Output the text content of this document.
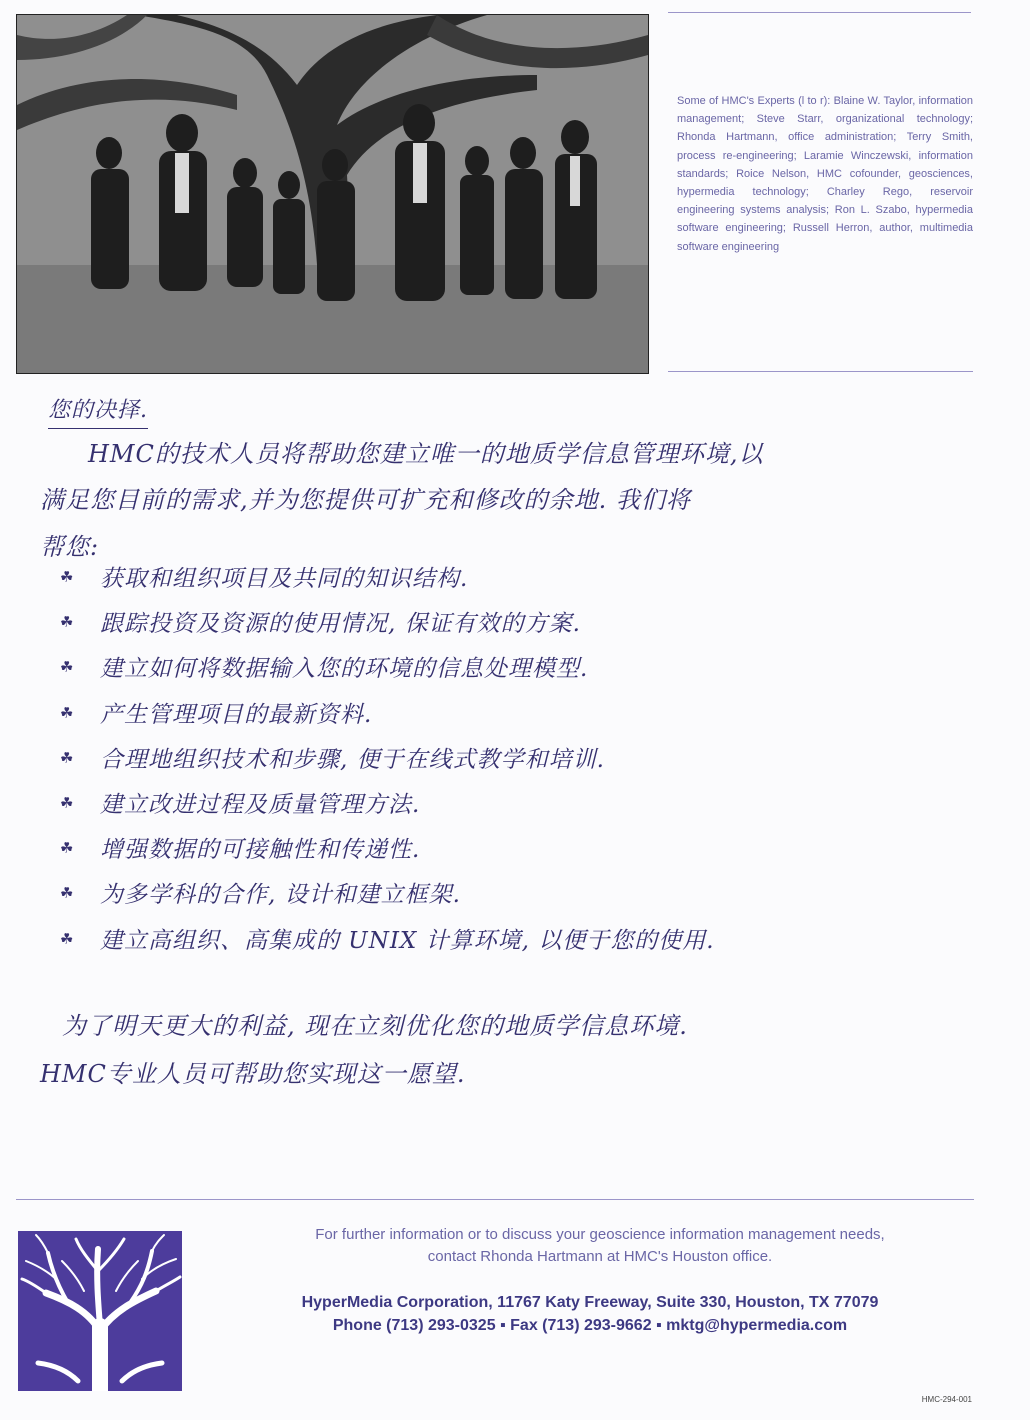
Some of HMC's Experts (l to r): Blaine W. Taylor, information management; Steve Starr, organizational technology; Rhonda Hartmann, office administration; Terry Smith, process re-engineering; Laramie Winczewski, information standards; Roice Nelson, HMC cofounder, geosciences, hypermedia technology; Charley Rego, reservoir engineering systems analysis; Ron L. Szabo, hypermedia software engineering; Russell Herron, author, multimedia software engineering
您的决择.
HMC的技术人员将帮助您建立唯一的地质学信息管理环境,以
满足您目前的需求,并为您提供可扩充和修改的余地. 我们将
帮您:
☘ 获取和组织项目及共同的知识结构.
☘ 跟踪投资及资源的使用情况, 保证有效的方案.
☘ 建立如何将数据输入您的环境的信息处理模型.
☘ 产生管理项目的最新资料.
☘ 合理地组织技术和步骤, 便于在线式教学和培训.
☘ 建立改进过程及质量管理方法.
☘ 增强数据的可接触性和传递性.
☘ 为多学科的合作, 设计和建立框架.
☘ 建立高组织、高集成的 UNIX 计算环境, 以便于您的使用.
为了明天更大的利益, 现在立刻优化您的地质学信息环境.
HMC专业人员可帮助您实现这一愿望.
For further information or to discuss your geoscience information management needs,
contact Rhonda Hartmann at HMC's Houston office.
HyperMedia Corporation, 11767 Katy Freeway, Suite 330, Houston, TX 77079
Phone (713) 293-0325 ▪ Fax (713) 293-9662 ▪ mktg@hypermedia.com
HMC-294-001
